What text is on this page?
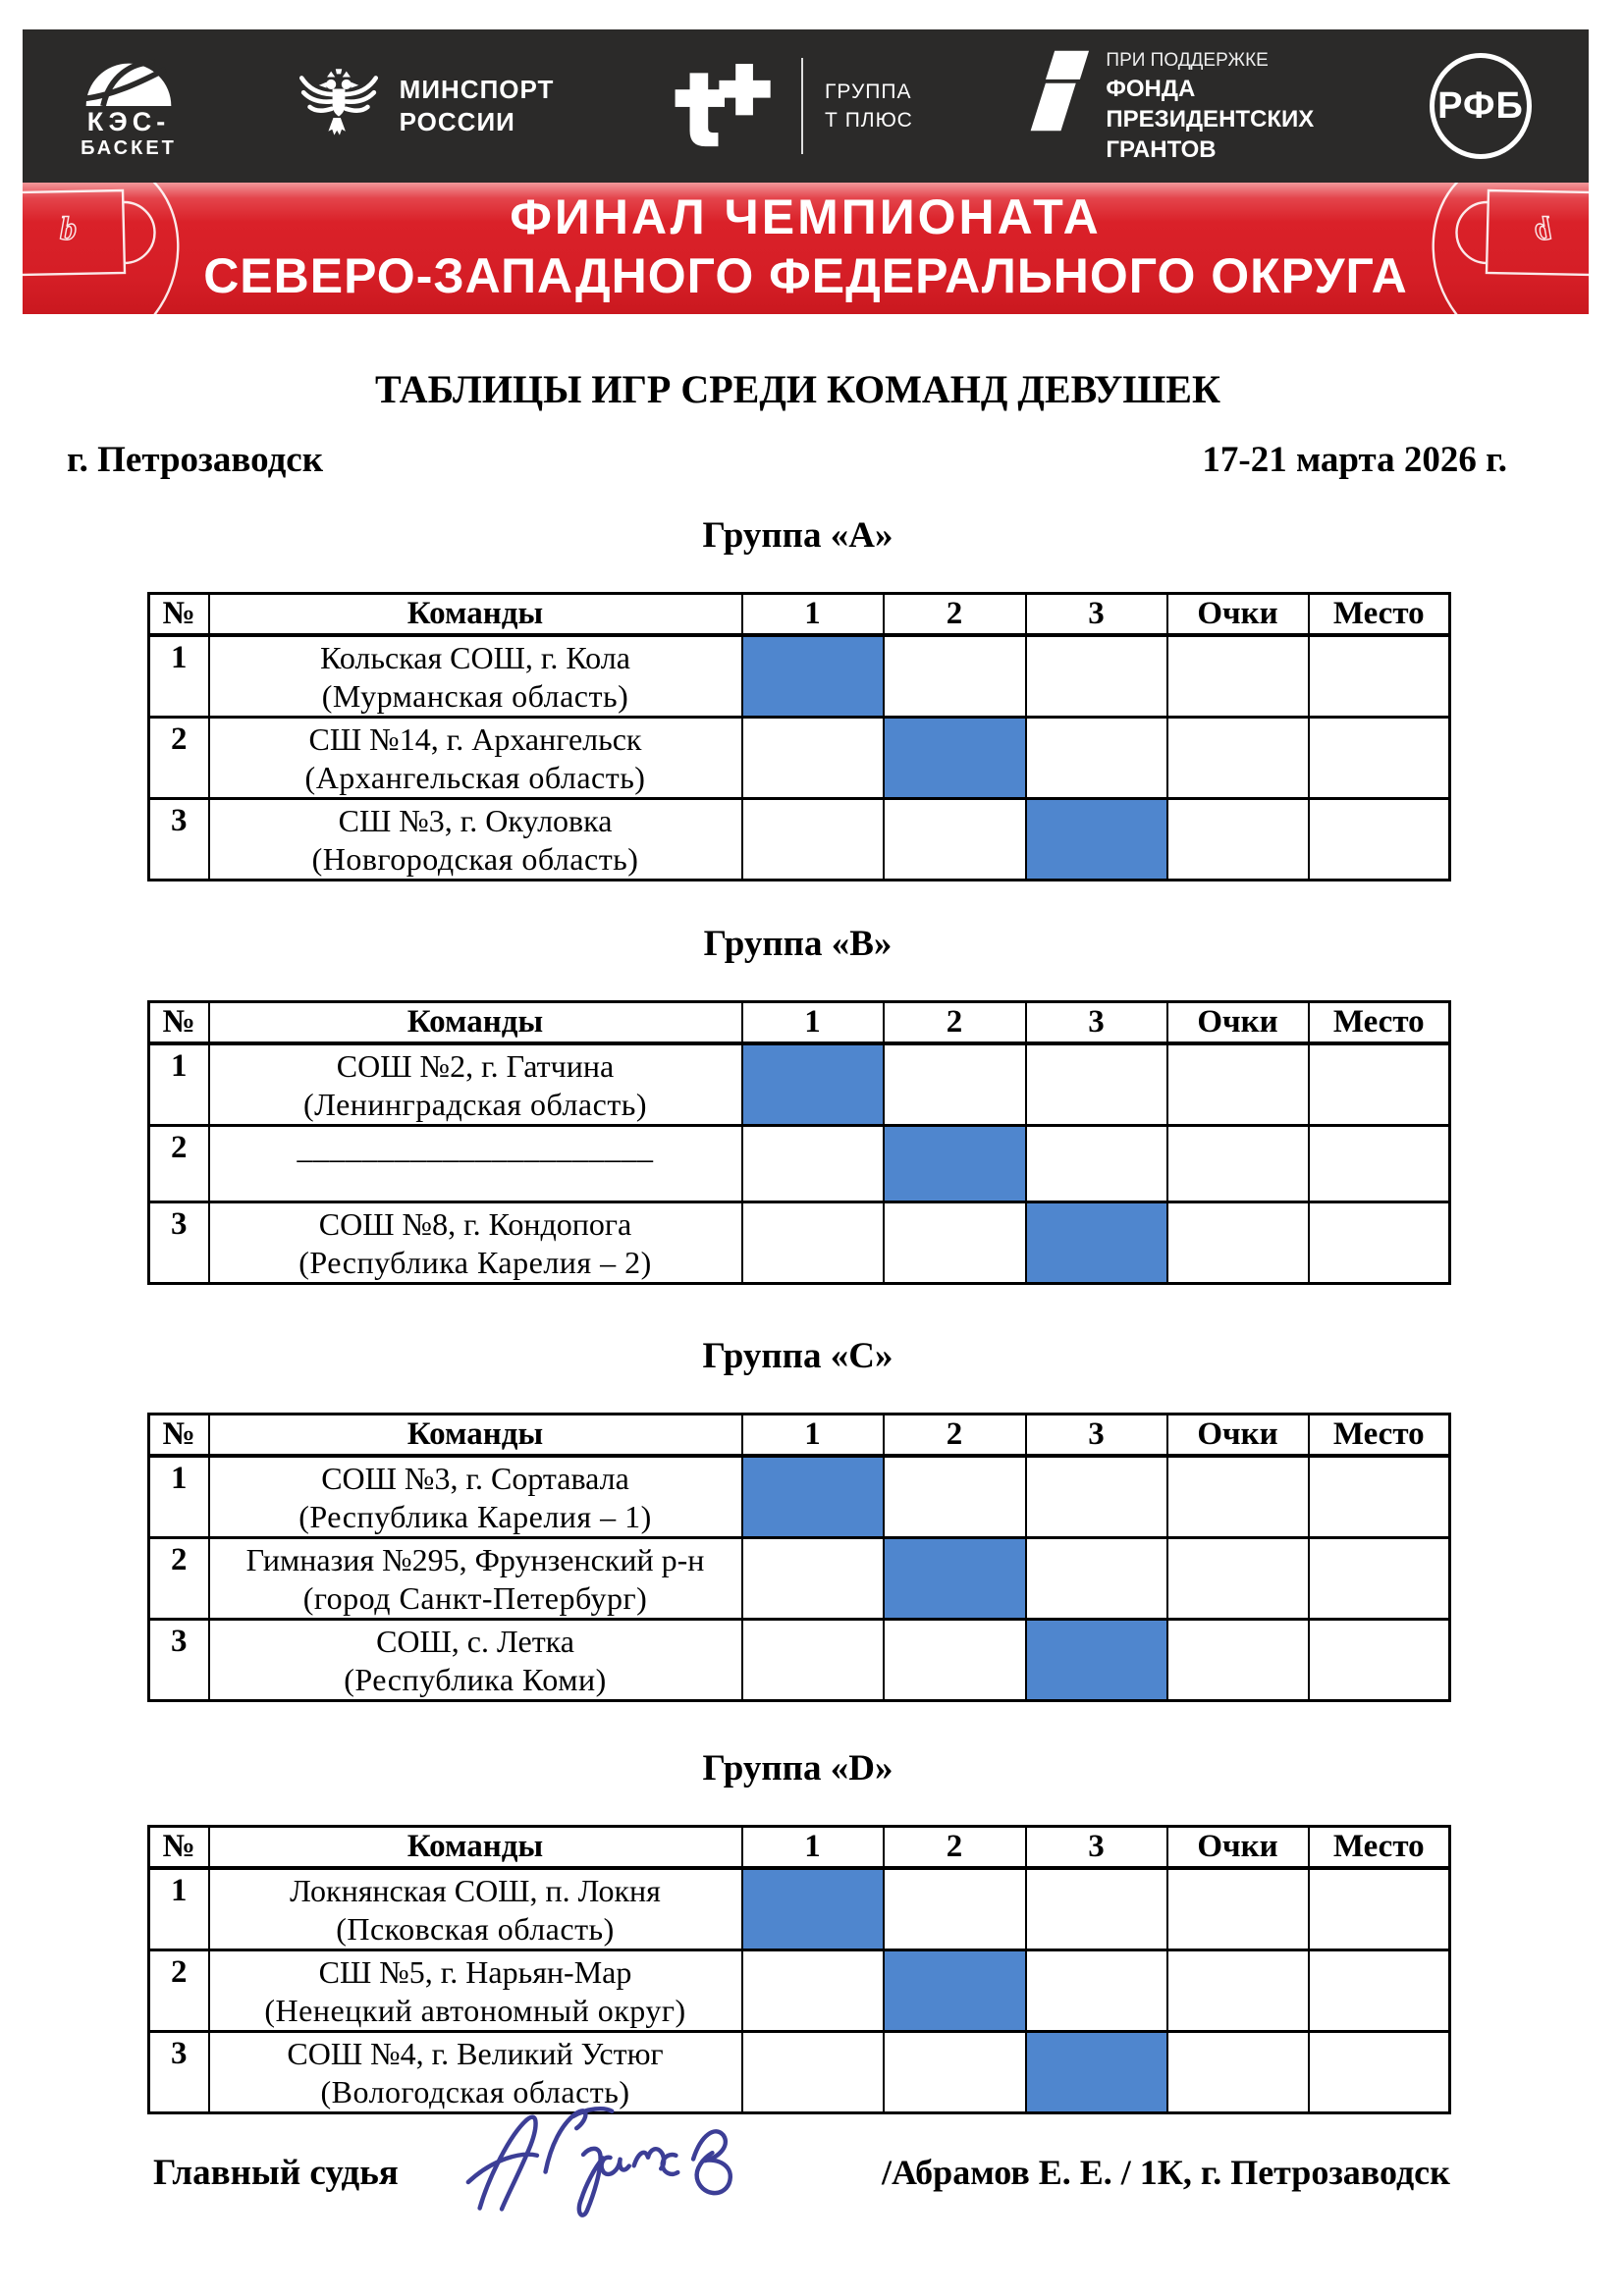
КЭС-
БАСКЕТ
МИНСПОРТ
РОССИИ
ГРУППА
Т ПЛЮС
ПРИ ПОДДЕРЖКЕ
ФОНДА
ПРЕЗИДЕНТСКИХ
ГРАНТОВ
РФБ
b	b
ФИНАЛ ЧЕМПИОНАТА
СЕВЕРО-ЗАПАДНОГО ФЕДЕРАЛЬНОГО ОКРУГА
ТАБЛИЦЫ ИГР СРЕДИ КОМАНД ДЕВУШЕК
г. Петрозаводск	17-21 марта 2026 г.
Группа «А»
№	Команды	1	2	3	Очки	Место
1	Кольская СОШ, г. Кола
(Мурманская область)					

2	СШ №14, г. Архангельск
(Архангельская область)					

3	СШ №3, г. Окуловка
(Новгородская область)					

Группа «В»
№	Команды	1	2	3	Очки	Место
1	СОШ №2, г. Гатчина
(Ленинградская область)					

2	______________________					

3	СОШ №8, г. Кондопога
(Республика Карелия – 2)					

Группа «С»
№	Команды	1	2	3	Очки	Место
1	СОШ №3, г. Сортавала
(Республика Карелия – 1)					

2	Гимназия №295, Фрунзенский р-н
(город Санкт-Петербург)					

3	СОШ, с. Летка
(Республика Коми)					

Группа «D»
№	Команды	1	2	3	Очки	Место
1	Локнянская СОШ, п. Локня
(Псковская область)					

2	СШ №5, г. Нарьян-Мар
(Ненецкий автономный округ)					

3	СОШ №4, г. Великий Устюг
(Вологодская область)					

Главный судья	/Абрамов Е. Е. / 1К, г. Петрозаводск
